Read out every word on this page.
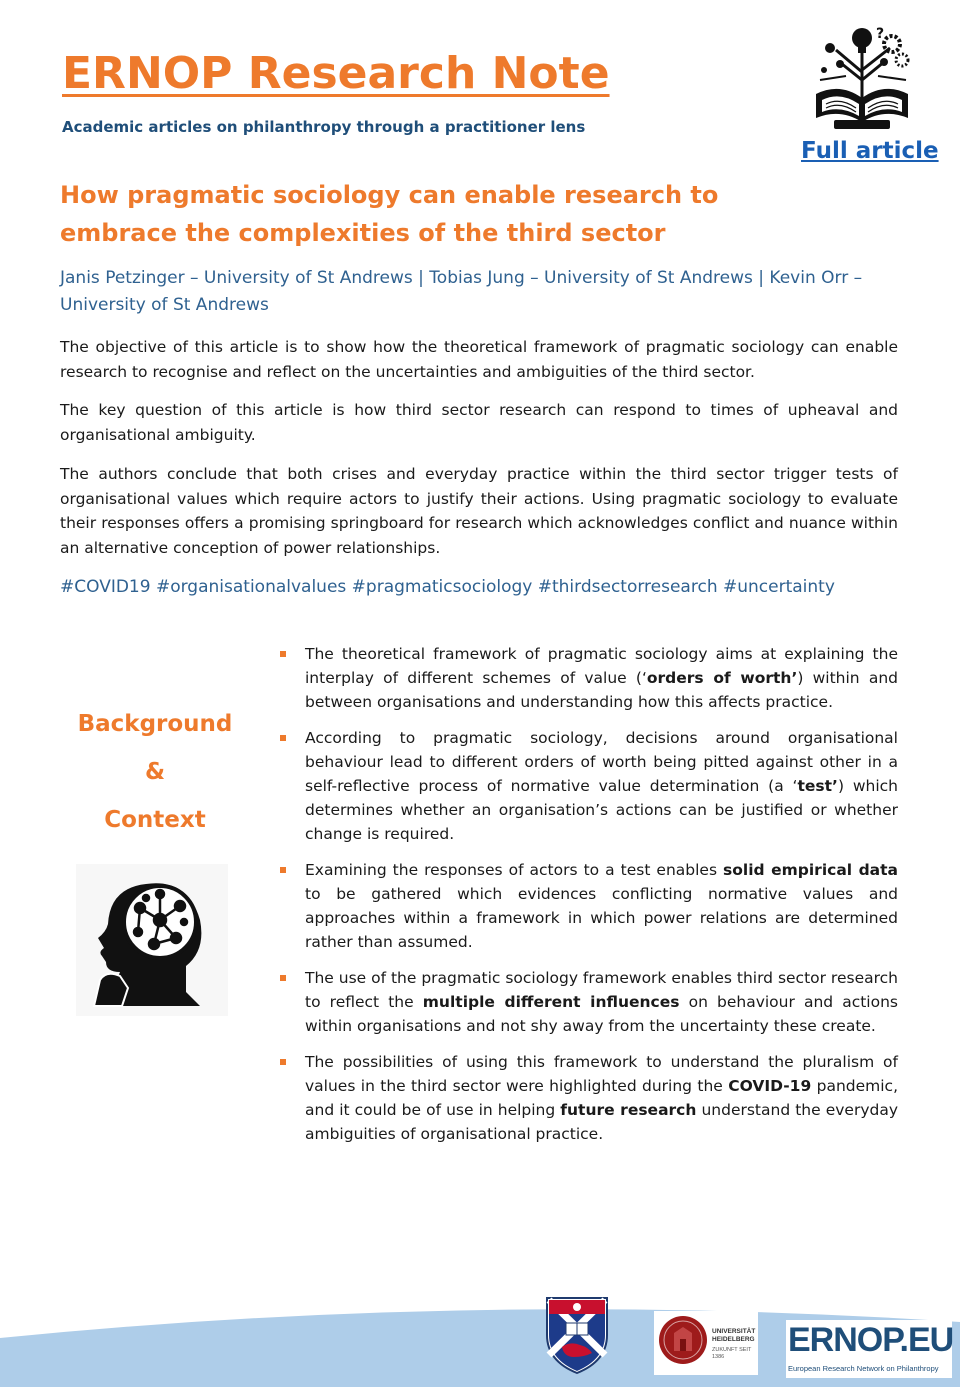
ERNOP Research Note
Academic articles on philanthropy through a practitioner lens
?
Full article
How pragmatic sociology can enable research to embrace the complexities of the third sector
Janis Petzinger – University of St Andrews | Tobias Jung – University of St Andrews | Kevin Orr – University of St Andrews

The objective of this article is to show how the theoretical framework of pragmatic sociology can enable research to recognise and reflect on the uncertainties and ambiguities of the third sector.

The key question of this article is how third sector research can respond to times of upheaval and organisational ambiguity.

The authors conclude that both crises and everyday practice within the third sector trigger tests of organisational values which require actors to justify their actions. Using pragmatic sociology to evaluate their responses offers a promising springboard for research which acknowledges conflict and nuance within an alternative conception of power relationships.

#COVID19 #organisationalvalues #pragmaticsociology #thirdsectorresearch #uncertainty
Background
&
Context
The theoretical framework of pragmatic sociology aims at explaining the interplay of different schemes of value (‘orders of worth’) within and between organisations and understanding how this affects practice.
According to pragmatic sociology, decisions around organisational behaviour lead to different orders of worth being pitted against other in a self-reflective process of normative value determination (a ‘test’) which determines whether an organisation’s actions can be justified or whether change is required.
Examining the responses of actors to a test enables solid empirical data to be gathered which evidences conflicting normative values and approaches within a framework in which power relations are determined rather than assumed.
The use of the pragmatic sociology framework enables third sector research to reflect the multiple different influences on behaviour and actions within organisations and not shy away from the uncertainty these create.
The possibilities of using this framework to understand the pluralism of values in the third sector were highlighted during the COVID-19 pandemic, and it could be of use in helping future research understand the everyday ambiguities of organisational practice.
UNIVERSITÄT HEIDELBERG
ZUKUNFT SEIT 1386	ERNOP.EU
European Research Network on Philanthropy
